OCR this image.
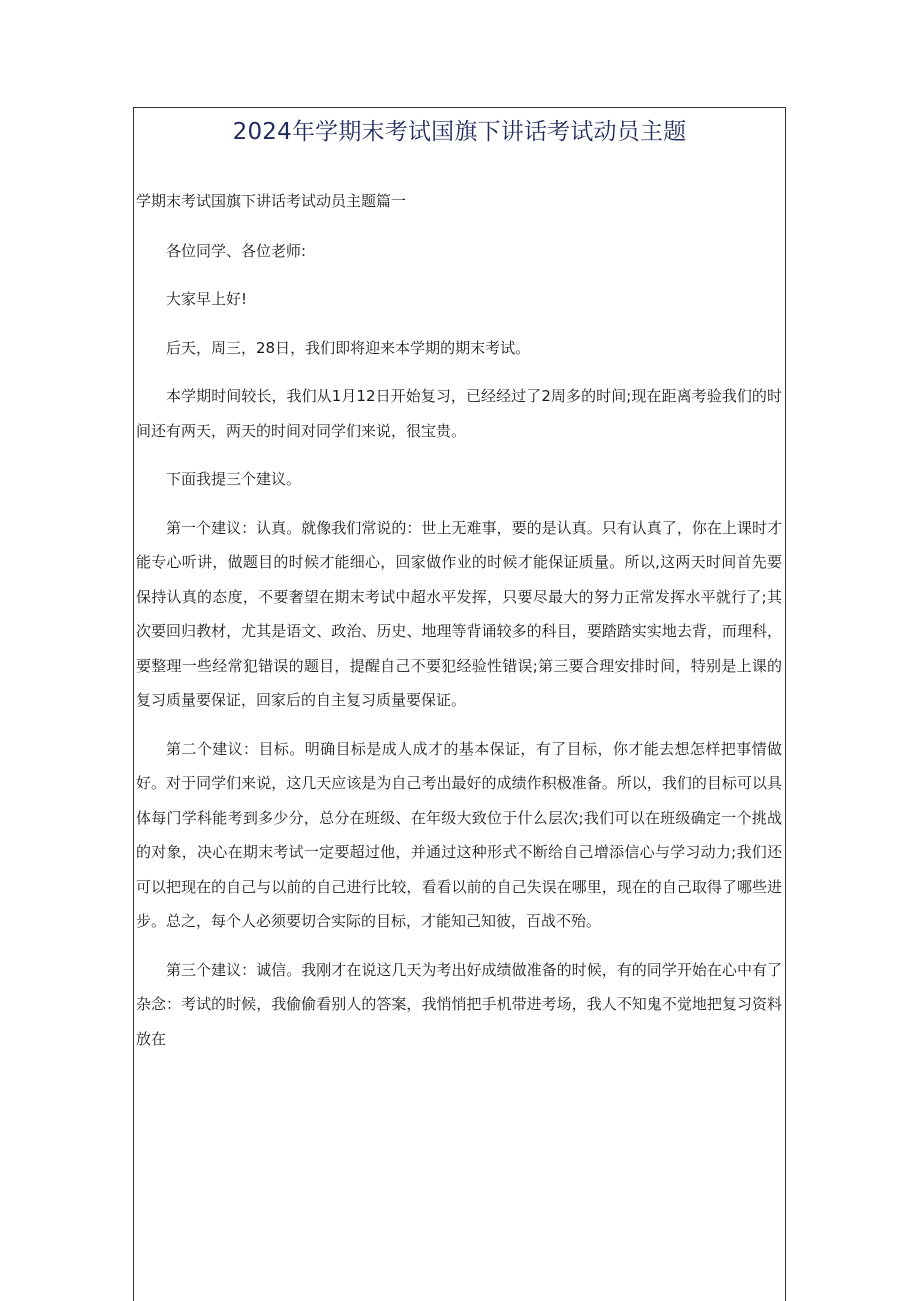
2024年学期末考试国旗下讲话考试动员主题

学期末考试国旗下讲话考试动员主题篇一

各位同学、各位老师:

大家早上好!

后天，周三，28日，我们即将迎来本学期的期末考试。

本学期时间较长，我们从1月12日开始复习，已经经过了2周多的时间;现在距离考验我们的时间还有两天，两天的时间对同学们来说，很宝贵。

下面我提三个建议。

第一个建议：认真。就像我们常说的：世上无难事，要的是认真。只有认真了，你在上课时才能专心听讲，做题目的时候才能细心，回家做作业的时候才能保证质量。所以,这两天时间首先要保持认真的态度，不要奢望在期末考试中超水平发挥，只要尽最大的努力正常发挥水平就行了;其次要回归教材，尤其是语文、政治、历史、地理等背诵较多的科目，要踏踏实实地去背，而理科，要整理一些经常犯错误的题目，提醒自己不要犯经验性错误;第三要合理安排时间，特别是上课的复习质量要保证，回家后的自主复习质量要保证。

第二个建议：目标。明确目标是成人成才的基本保证，有了目标，你才能去想怎样把事情做好。对于同学们来说，这几天应该是为自己考出最好的成绩作积极准备。所以，我们的目标可以具体每门学科能考到多少分，总分在班级、在年级大致位于什么层次;我们可以在班级确定一个挑战的对象，决心在期末考试一定要超过他，并通过这种形式不断给自己增添信心与学习动力;我们还可以把现在的自己与以前的自己进行比较，看看以前的自己失误在哪里，现在的自己取得了哪些进步。总之，每个人必须要切合实际的目标，才能知己知彼，百战不殆。

第三个建议：诚信。我刚才在说这几天为考出好成绩做准备的时候，有的同学开始在心中有了杂念：考试的时候，我偷偷看别人的答案，我悄悄把手机带进考场，我人不知鬼不觉地把复习资料放在
